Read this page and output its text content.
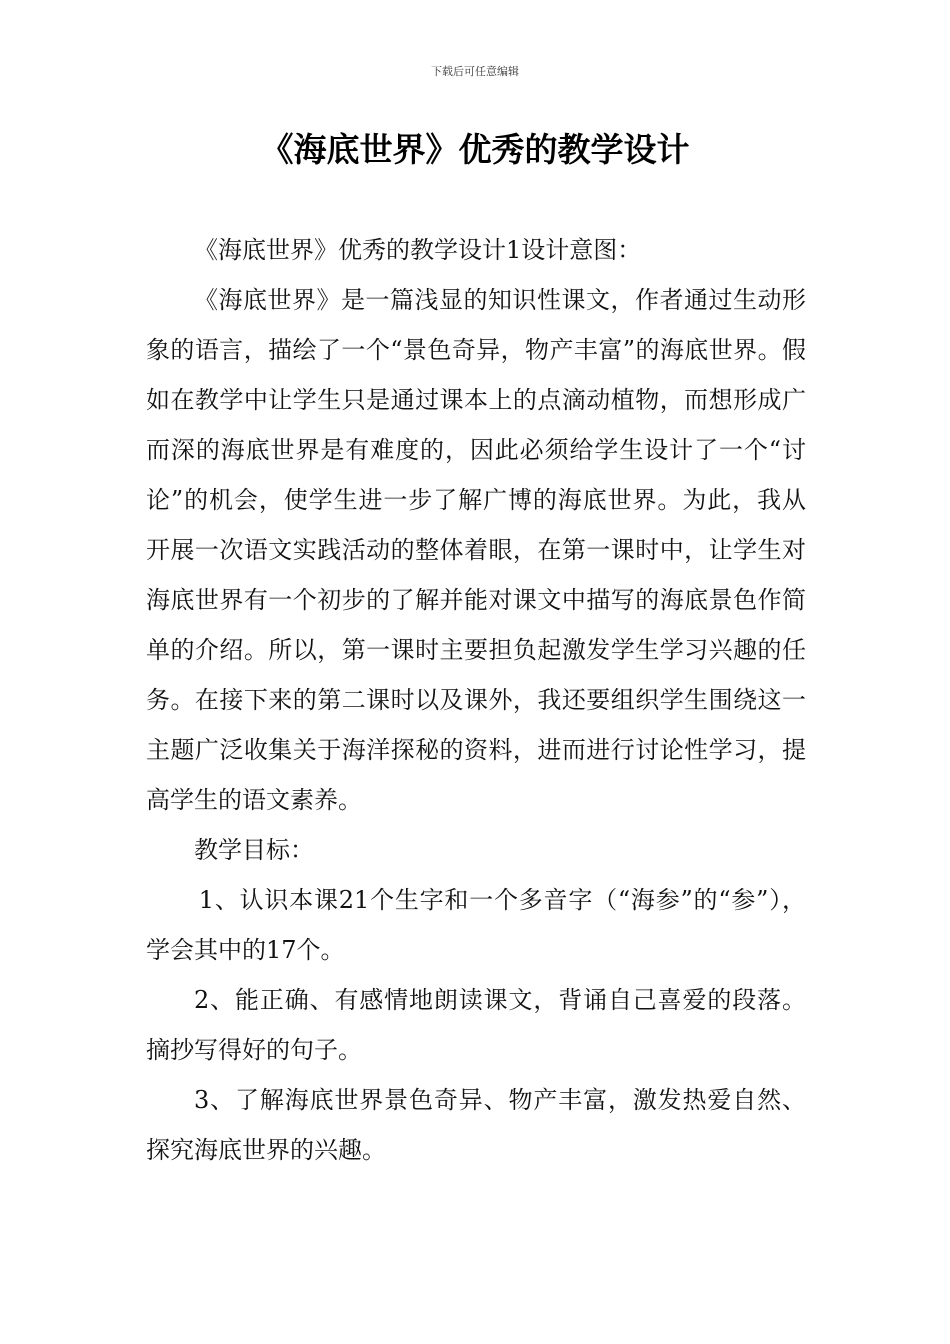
下载后可任意编辑
《海底世界》优秀的教学设计

《海底世界》优秀的教学设计1设计意图：

《海底世界》是一篇浅显的知识性课文，作者通过生动形象的语言，描绘了一个“景色奇异，物产丰富”的海底世界。假如在教学中让学生只是通过课本上的点滴动植物，而想形成广而深的海底世界是有难度的，因此必须给学生设计了一个“讨论”的机会，使学生进一步了解广博的海底世界。为此，我从开展一次语文实践活动的整体着眼，在第一课时中，让学生对海底世界有一个初步的了解并能对课文中描写的海底景色作简单的介绍。所以，第一课时主要担负起激发学生学习兴趣的任务。在接下来的第二课时以及课外，我还要组织学生围绕这一主题广泛收集关于海洋探秘的资料，进而进行讨论性学习，提高学生的语文素养。

教学目标：

1、认识本课21个生字和一个多音字（“海参”的“参”），学会其中的17个。

2、能正确、有感情地朗读课文，背诵自己喜爱的段落。摘抄写得好的句子。

3、了解海底世界景色奇异、物产丰富，激发热爱自然、探究海底世界的兴趣。
